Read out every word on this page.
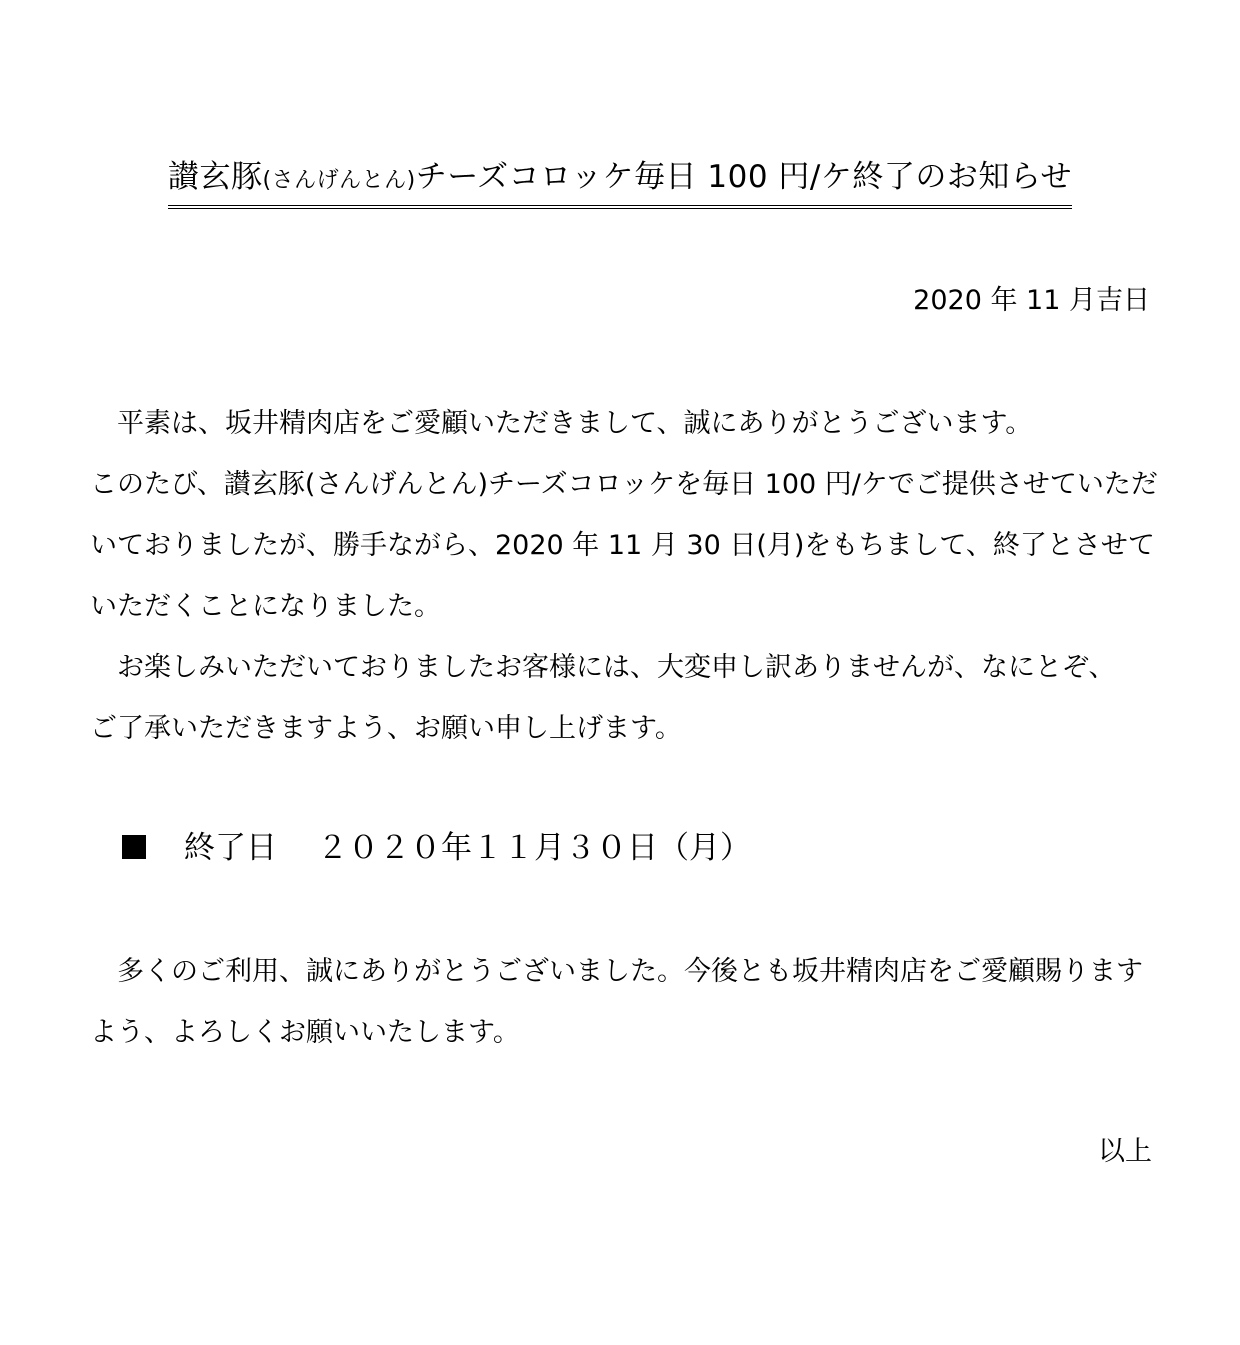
讃玄豚(さんげんとん)チーズコロッケ毎日 100 円/ケ終了のお知らせ
2020 年 11 月吉日

　平素は、坂井精肉店をご愛顧いただきまして、誠にありがとうございます。
このたび、讃玄豚(さんげんとん)チーズコロッケを毎日 100 円/ケでご提供させていただ
いておりましたが、勝手ながら、2020 年 11 月 30 日(月)をもちまして、終了とさせて
いただくことになりました。

　お楽しみいただいておりましたお客様には、大変申し訳ありませんが、なにとぞ、
ご了承いただきますよう、お願い申し上げます。

終了日 ２０２０年１１月３０日（月）

　多くのご利用、誠にありがとうございました。今後とも坂井精肉店をご愛顧賜ります
よう、よろしくお願いいたします。

以上
